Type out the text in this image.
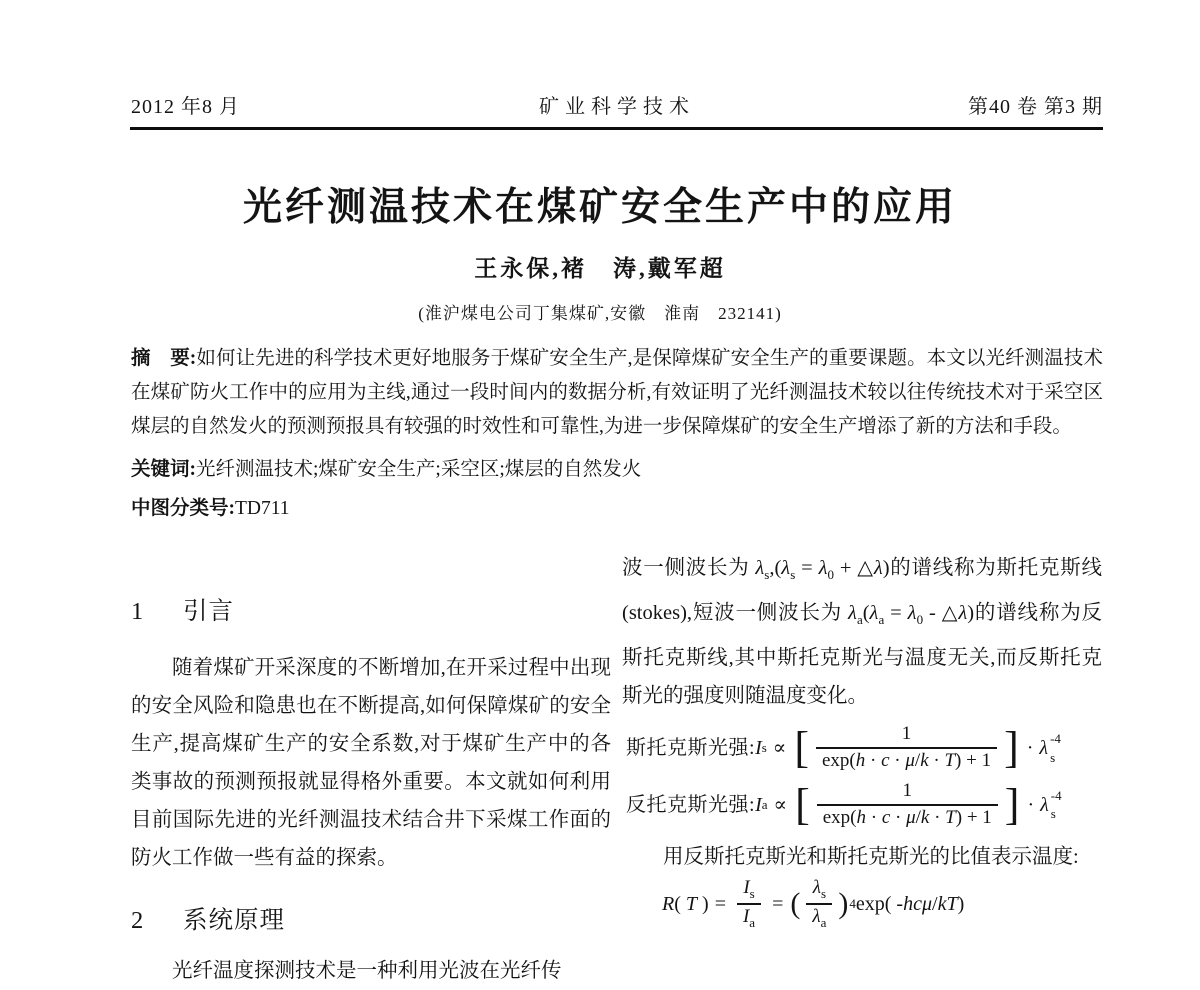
2012 年8 月	矿业科学技术	第40 卷 第3 期
光纤测温技术在煤矿安全生产中的应用
王永保,褚　涛,戴军超
(淮沪煤电公司丁集煤矿,安徽　淮南　232141)

摘　要:如何让先进的科学技术更好地服务于煤矿安全生产,是保障煤矿安全生产的重要课题。本文以光纤测温技术在煤矿防火工作中的应用为主线,通过一段时间内的数据分析,有效证明了光纤测温技术较以往传统技术对于采空区煤层的自然发火的预测预报具有较强的时效性和可靠性,为进一步保障煤矿的安全生产增添了新的方法和手段。

关键词:光纤测温技术;煤矿安全生产;采空区;煤层的自然发火

中图分类号:TD711

1	引言

随着煤矿开采深度的不断增加,在开采过程中出现的安全风险和隐患也在不断提高,如何保障煤矿的安全生产,提高煤矿生产的安全系数,对于煤矿生产中的各类事故的预测预报就显得格外重要。本文就如何利用目前国际先进的光纤测温技术结合井下采煤工作面的防火工作做一些有益的探索。

2	系统原理

光纤温度探测技术是一种利用光波在光纤传

波一侧波长为 $\lambda_s,(\lambda_s = \lambda_0$ + △λ)的谱线称为斯托克斯线(stokes),短波一侧波长为 $\lambda_a(\lambda_a = \lambda_0$ - △λ)的谱线称为反斯托克斯线,其中斯托克斯光与温度无关,而反斯托克斯光的强度则随温度变化。

斯托克斯光强: I s ∝ [ $\frac{1}{\exp(h \cdot c \cdot \mu/k \cdot T) + 1}$ ] · λ -4
s
反托克斯光强: I a ∝ [ $\frac{1}{\exp(h \cdot c \cdot \mu/k \cdot T) + 1}$ ] · λ -4
s

用反斯托克斯光和斯托克斯光的比值表示温度:

R( T ) = $\frac{I_s}{I_a}$ = ( $\frac{\lambda_s}{\lambda_a}$ ) 4 exp( -hcμ/kT)
